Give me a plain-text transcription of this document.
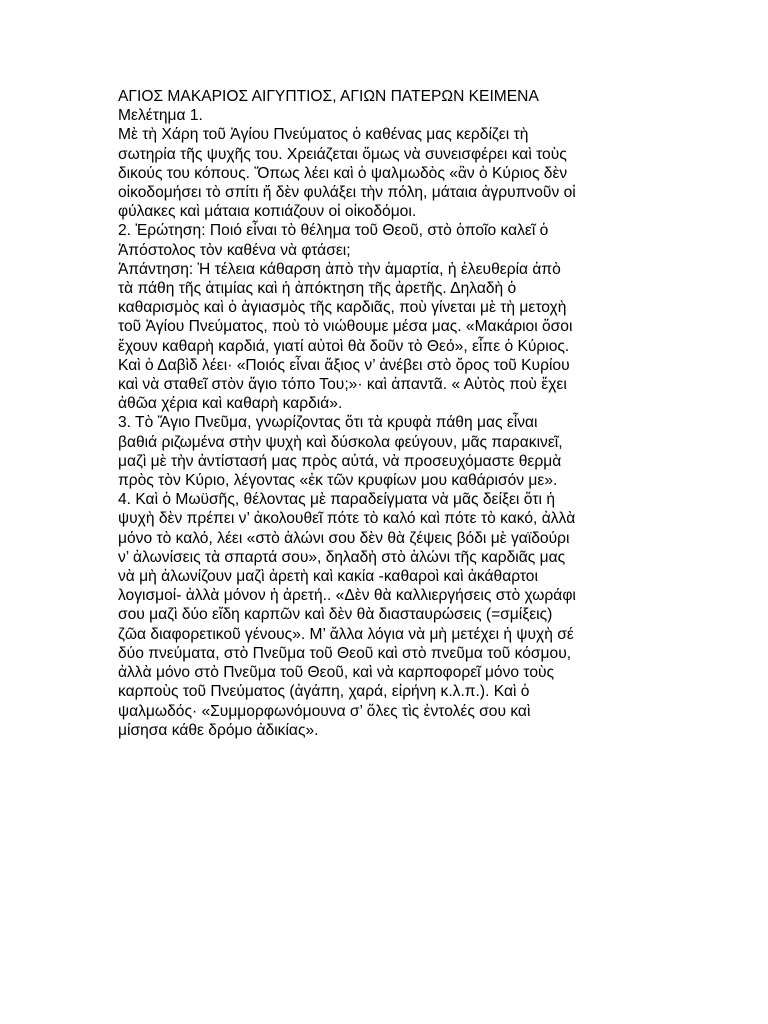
ΑΓΙΟΣ ΜΑΚΑΡΙΟΣ ΑΙΓΥΠΤΙΟΣ, ΑΓΙΩΝ ΠΑΤΕΡΩΝ ΚΕΙΜΕΝΑ
Μελέτημα 1.
Μὲ τὴ Χάρη τοῦ Ἁγίου Πνεύματος ὁ καθένας μας κερδίζει τὴ
σωτηρία τῆς ψυχῆς του. Χρειάζεται ὅμως νὰ συνεισφέρει καὶ τοὺς
δικούς του κόπους. Ὅπως λέει καὶ ὁ ψαλμωδὸς «ἂν ὁ Κύριος δὲν
οἰκοδομήσει τὸ σπίτι ἤ δὲν φυλάξει τὴν πόλη, μάταια ἀγρυπνοῦν οἱ
φύλακες καὶ μάταια κοπιάζουν οἱ οἰκοδόμοι.
2. Ἐρώτηση: Ποιό εἶναι τὸ θέλημα τοῦ Θεοῦ, στὸ ὁποῖο καλεῖ ὁ
Ἀπόστολος τὸν καθένα νὰ φτάσει;
Ἀπάντηση: Ἡ τέλεια κάθαρση ἀπὸ τὴν ἁμαρτία, ἡ ἐλευθερία ἀπὸ
τὰ πάθη τῆς ἀτιμίας καὶ ἡ ἀπόκτηση τῆς ἀρετῆς. Δηλαδὴ ὁ
καθαρισμὸς καὶ ὁ ἁγιασμὸς τῆς καρδιᾶς, ποὺ γίνεται μὲ τὴ μετοχὴ
τοῦ Ἁγίου Πνεύματος, ποὺ τὸ νιώθουμε μέσα μας. «Μακάριοι ὅσοι
ἔχουν καθαρὴ καρδιά, γιατί αὐτοὶ θὰ δοῦν τὸ Θεό», εἶπε ὁ Κύριος.
Καὶ ὁ Δαβὶδ λέει· «Ποιός εἶναι ἄξιος ν’ ἀνέβει στὸ ὄρος τοῦ Κυρίου
καὶ νὰ σταθεῖ στὸν ἅγιο τόπο Του;»· καὶ ἀπαντᾶ. « Αὐτὸς ποὺ ἔχει
ἀθῶα χέρια καὶ καθαρὴ καρδιά».
3. Τὸ Ἅγιο Πνεῦμα, γνωρίζοντας ὅτι τὰ κρυφὰ πάθη μας εἶναι
βαθιά ριζωμένα στὴν ψυχὴ καὶ δύσκολα φεύγουν, μᾶς παρακινεῖ,
μαζὶ μὲ τὴν ἀντίστασή μας πρὸς αὐτά, νὰ προσευχόμαστε θερμὰ
πρὸς τὸν Κύριο, λέγοντας «ἐκ τῶν κρυφίων μου καθάρισόν με».
4. Καὶ ὁ Μωϋσῆς, θέλοντας μὲ παραδείγματα νὰ μᾶς δείξει ὅτι ἡ
ψυχὴ δὲν πρέπει ν’ ἀκολουθεῖ πότε τὸ καλό καὶ πότε τὸ κακό, ἀλλὰ
μόνο τὸ καλό, λέει «στὸ ἁλώνι σου δὲν θὰ ζέψεις βόδι μὲ γαϊδούρι
ν’ ἀλωνίσεις τὰ σπαρτά σου», δηλαδὴ στὸ ἁλώνι τῆς καρδιᾶς μας
νὰ μὴ ἀλωνίζουν μαζὶ ἀρετὴ καὶ κακία -καθαροὶ καὶ ἀκάθαρτοι
λογισμοί- ἀλλὰ μόνον ἡ ἀρετή.. «Δὲν θὰ καλλιεργήσεις στὸ χωράφι
σου μαζὶ δύο εἴδη καρπῶν καὶ δὲν θὰ διασταυρώσεις (=σμίξεις)
ζῶα διαφορετικοῦ γένους». Μ’ ἄλλα λόγια νὰ μὴ μετέχει ἡ ψυχὴ σέ
δύο πνεύματα, στὸ Πνεῦμα τοῦ Θεοῦ καὶ στὸ πνεῦμα τοῦ κόσμου,
ἀλλὰ μόνο στὸ Πνεῦμα τοῦ Θεοῦ, καὶ νὰ καρποφορεῖ μόνο τοὺς
καρποὺς τοῦ Πνεύματος (ἀγάπη, χαρά, εἰρήνη κ.λ.π.). Καὶ ὁ
ψαλμωδός· «Συμμορφωνόμουνα σ’ ὅλες τὶς ἐντολές σου καὶ
μίσησα κάθε δρόμο ἀδικίας».
